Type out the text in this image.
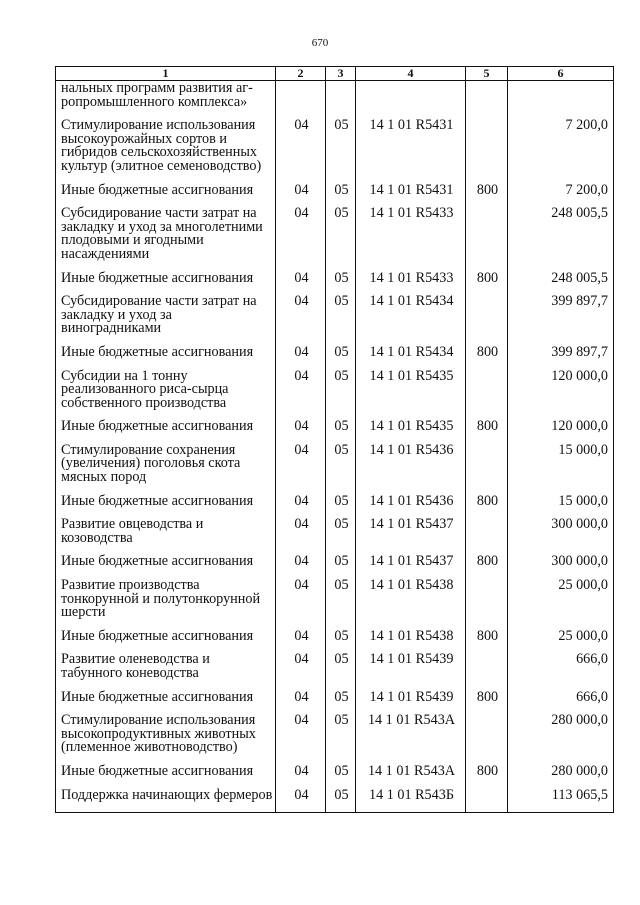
670
1	2	3	4	5	6
нальных программ развития аг-ропромышленного комплекса»					
Стимулирование использования высокоурожайных сортов и гибридов сельскохозяйственных культур (элитное семеноводство)	04	05	14 1 01 R5431		7 200,0
Иные бюджетные ассигнования	04	05	14 1 01 R5431	800	7 200,0
Субсидирование части затрат на закладку и уход за многолетними плодовыми и ягодными насаждениями	04	05	14 1 01 R5433		248 005,5
Иные бюджетные ассигнования	04	05	14 1 01 R5433	800	248 005,5
Субсидирование части затрат на закладку и уход за виноградниками	04	05	14 1 01 R5434		399 897,7
Иные бюджетные ассигнования	04	05	14 1 01 R5434	800	399 897,7
Субсидии на 1 тонну реализованного риса-сырца собственного производства	04	05	14 1 01 R5435		120 000,0
Иные бюджетные ассигнования	04	05	14 1 01 R5435	800	120 000,0
Стимулирование сохранения (увеличения) поголовья скота мясных пород	04	05	14 1 01 R5436		15 000,0
Иные бюджетные ассигнования	04	05	14 1 01 R5436	800	15 000,0
Развитие овцеводства и козоводства	04	05	14 1 01 R5437		300 000,0
Иные бюджетные ассигнования	04	05	14 1 01 R5437	800	300 000,0
Развитие производства тонкорунной и полутонкорунной шерсти	04	05	14 1 01 R5438		25 000,0
Иные бюджетные ассигнования	04	05	14 1 01 R5438	800	25 000,0
Развитие оленеводства и табунного коневодства	04	05	14 1 01 R5439		666,0
Иные бюджетные ассигнования	04	05	14 1 01 R5439	800	666,0
Стимулирование использования высокопродуктивных животных (племенное животноводство)	04	05	14 1 01 R543А		280 000,0
Иные бюджетные ассигнования	04	05	14 1 01 R543А	800	280 000,0
Поддержка начинающих фермеров	04	05	14 1 01 R543Б		113 065,5
